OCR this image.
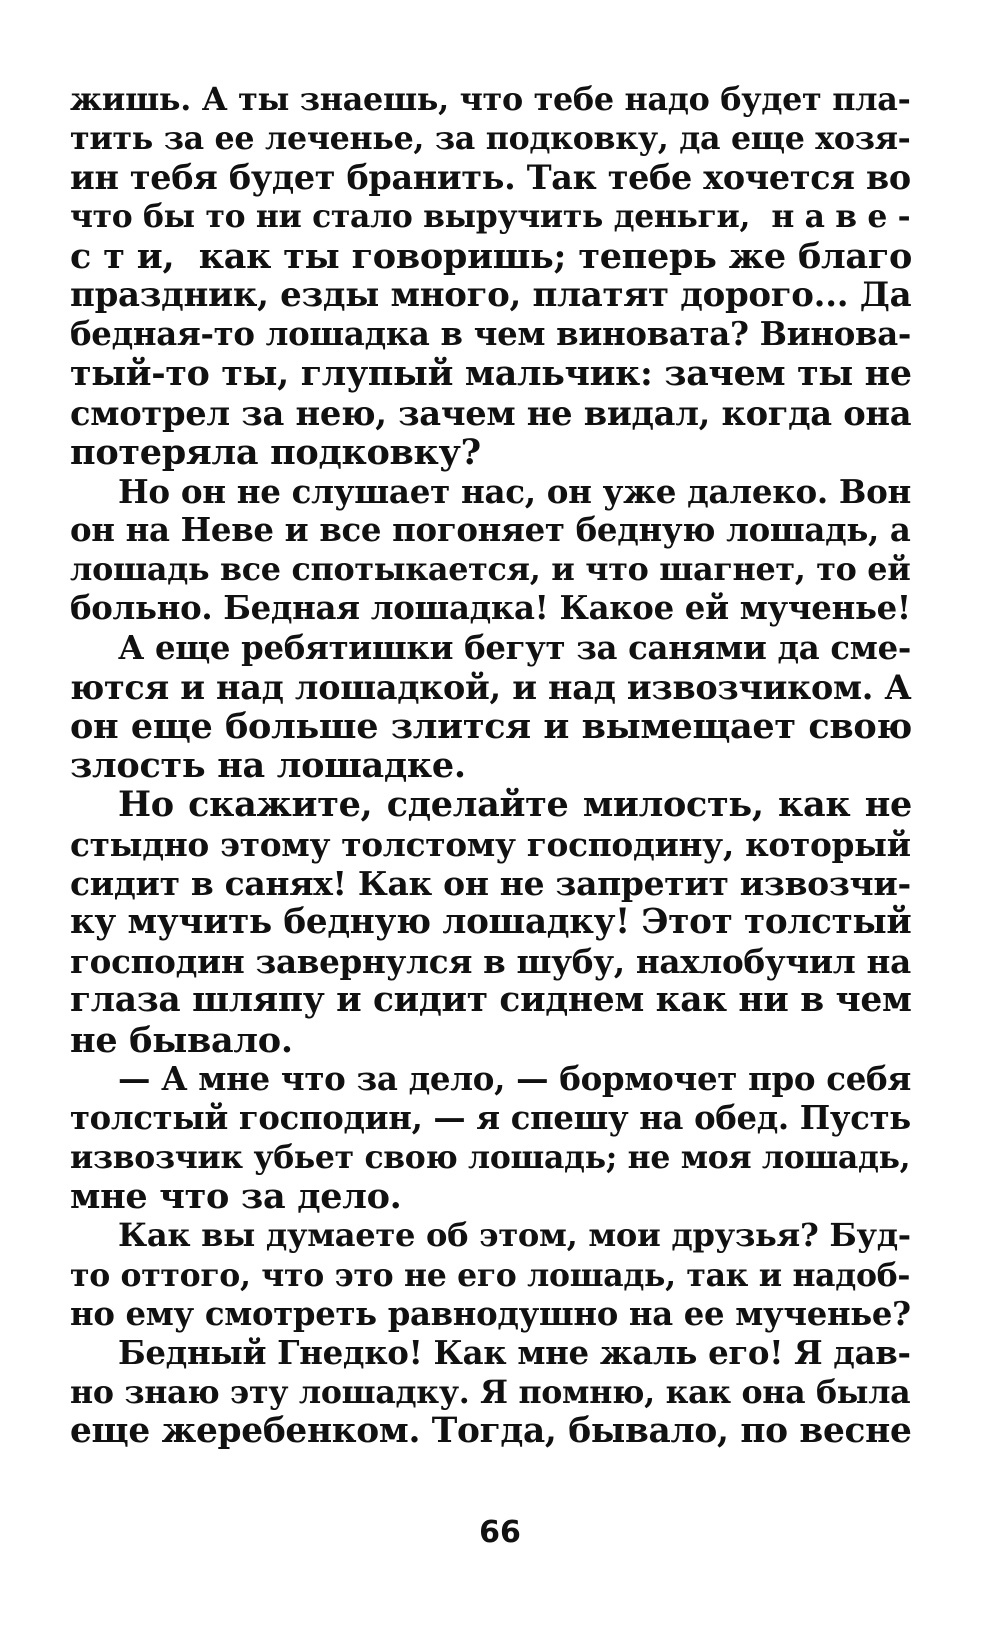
жишь. А ты знаешь, что тебе надо будет пла-
тить за ее леченье, за подковку, да еще хозя-
ин тебя будет бранить. Так тебе хочется во
что бы то ни стало выручить деньги,  н а в е -
с т и,  как ты говоришь; теперь же благо
праздник, езды много, платят дорого... Да
бедная-то лошадка в чем виновата? Винова-
тый-то ты, глупый мальчик: зачем ты не
смотрел за нею, зачем не видал, когда она
потеряла подковку?
Но он не слушает нас, он уже далеко. Вон
он на Неве и все погоняет бедную лошадь, а
лошадь все спотыкается, и что шагнет, то ей
больно. Бедная лошадка! Какое ей мученье!
А еще ребятишки бегут за санями да сме-
ются и над лошадкой, и над извозчиком. А
он еще больше злится и вымещает свою
злость на лошадке.
Но скажите, сделайте милость, как не
стыдно этому толстому господину, который
сидит в санях! Как он не запретит извозчи-
ку мучить бедную лошадку! Этот толстый
господин завернулся в шубу, нахлобучил на
глаза шляпу и сидит сиднем как ни в чем
не бывало.
— А мне что за дело, — бормочет про себя
толстый господин, — я спешу на обед. Пусть
извозчик убьет свою лошадь; не моя лошадь,
мне что за дело.
Как вы думаете об этом, мои друзья? Буд-
то оттого, что это не его лошадь, так и надоб-
но ему смотреть равнодушно на ее мученье?
Бедный Гнедко! Как мне жаль его! Я дав-
но знаю эту лошадку. Я помню, как она была
еще жеребенком. Тогда, бывало, по весне
66
